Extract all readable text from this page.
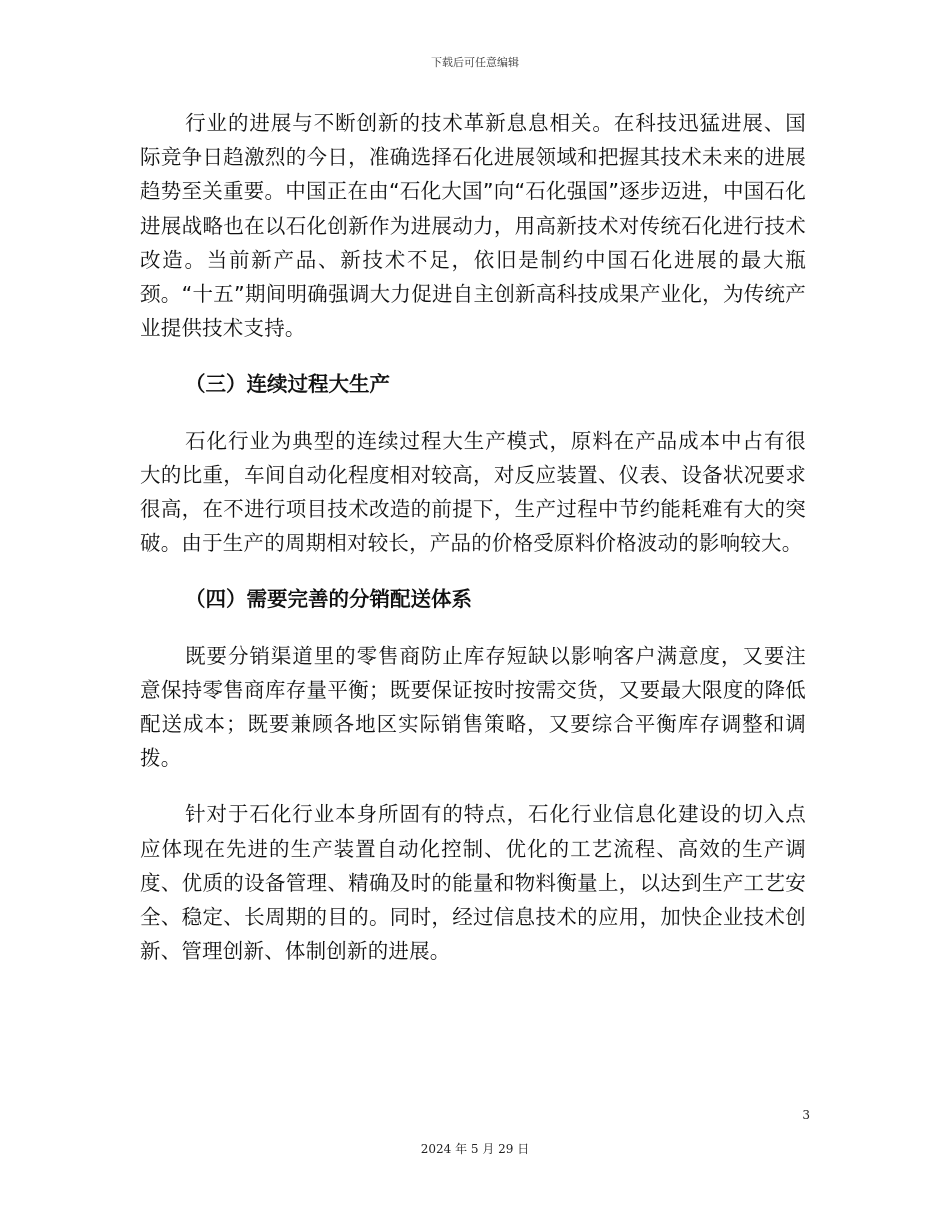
下载后可任意编辑

行业的进展与不断创新的技术革新息息相关。在科技迅猛进展、国际竞争日趋激烈的今日，准确选择石化进展领域和把握其技术未来的进展趋势至关重要。中国正在由“石化大国”向“石化强国”逐步迈进，中国石化进展战略也在以石化创新作为进展动力，用高新技术对传统石化进行技术改造。当前新产品、新技术不足，依旧是制约中国石化进展的最大瓶颈。“十五”期间明确强调大力促进自主创新高科技成果产业化，为传统产业提供技术支持。

（三）连续过程大生产

石化行业为典型的连续过程大生产模式，原料在产品成本中占有很大的比重，车间自动化程度相对较高，对反应装置、仪表、设备状况要求很高，在不进行项目技术改造的前提下，生产过程中节约能耗难有大的突破。由于生产的周期相对较长，产品的价格受原料价格波动的影响较大。

（四）需要完善的分销配送体系

既要分销渠道里的零售商防止库存短缺以影响客户满意度，又要注意保持零售商库存量平衡；既要保证按时按需交货，又要最大限度的降低配送成本；既要兼顾各地区实际销售策略，又要综合平衡库存调整和调拨。

针对于石化行业本身所固有的特点，石化行业信息化建设的切入点应体现在先进的生产装置自动化控制、优化的工艺流程、高效的生产调度、优质的设备管理、精确及时的能量和物料衡量上，以达到生产工艺安全、稳定、长周期的目的。同时，经过信息技术的应用，加快企业技术创新、管理创新、体制创新的进展。

3
2024 年 5 月 29 日
